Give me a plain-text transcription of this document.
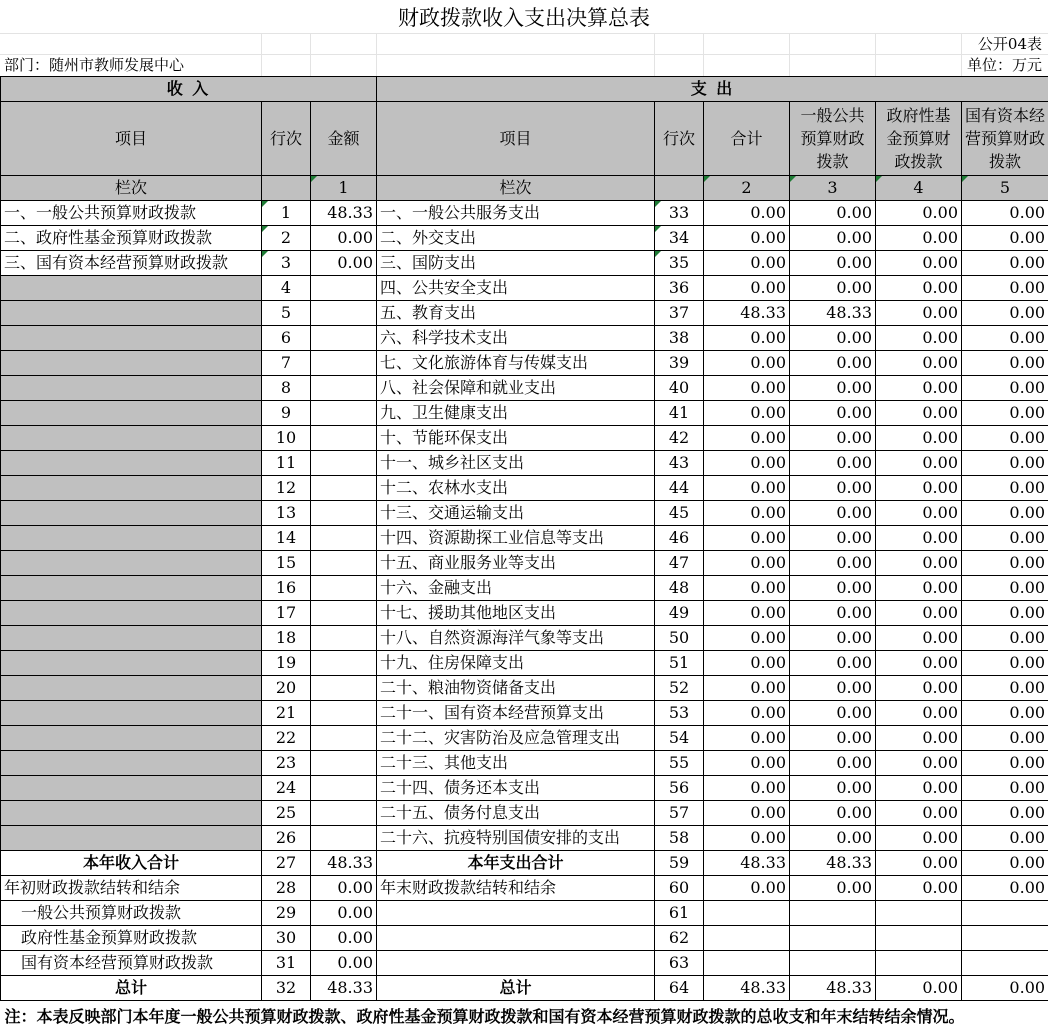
财政拨款收入支出决算总表
公开04表
部门：随州市教师发展中心	单位：万元
收 入			支 出					
项目	行次	金额	项目	行次	合计	一般公共预算财政拨款	政府性基金预算财政拨款	国有资本经营预算财政拨款
栏次		1	栏次		2	3	4	5
一、一般公共预算财政拨款	1	48.33	一、一般公共服务支出	33	0.00	0.00	0.00	0.00
二、政府性基金预算财政拨款	2	0.00	二、外交支出	34	0.00	0.00	0.00	0.00
三、国有资本经营预算财政拨款	3	0.00	三、国防支出	35	0.00	0.00	0.00	0.00
	4		四、公共安全支出	36	0.00	0.00	0.00	0.00
	5		五、教育支出	37	48.33	48.33	0.00	0.00
	6		六、科学技术支出	38	0.00	0.00	0.00	0.00
	7		七、文化旅游体育与传媒支出	39	0.00	0.00	0.00	0.00
	8		八、社会保障和就业支出	40	0.00	0.00	0.00	0.00
	9		九、卫生健康支出	41	0.00	0.00	0.00	0.00
	10		十、节能环保支出	42	0.00	0.00	0.00	0.00
	11		十一、城乡社区支出	43	0.00	0.00	0.00	0.00
	12		十二、农林水支出	44	0.00	0.00	0.00	0.00
	13		十三、交通运输支出	45	0.00	0.00	0.00	0.00
	14		十四、资源勘探工业信息等支出	46	0.00	0.00	0.00	0.00
	15		十五、商业服务业等支出	47	0.00	0.00	0.00	0.00
	16		十六、金融支出	48	0.00	0.00	0.00	0.00
	17		十七、援助其他地区支出	49	0.00	0.00	0.00	0.00
	18		十八、自然资源海洋气象等支出	50	0.00	0.00	0.00	0.00
	19		十九、住房保障支出	51	0.00	0.00	0.00	0.00
	20		二十、粮油物资储备支出	52	0.00	0.00	0.00	0.00
	21		二十一、国有资本经营预算支出	53	0.00	0.00	0.00	0.00
	22		二十二、灾害防治及应急管理支出	54	0.00	0.00	0.00	0.00
	23		二十三、其他支出	55	0.00	0.00	0.00	0.00
	24		二十四、债务还本支出	56	0.00	0.00	0.00	0.00
	25		二十五、债务付息支出	57	0.00	0.00	0.00	0.00
	26		二十六、抗疫特别国债安排的支出	58	0.00	0.00	0.00	0.00
本年收入合计	27	48.33	本年支出合计	59	48.33	48.33	0.00	0.00
年初财政拨款结转和结余	28	0.00	年末财政拨款结转和结余	60	0.00	0.00	0.00	0.00
一般公共预算财政拨款	29	0.00		61				
政府性基金预算财政拨款	30	0.00		62				
国有资本经营预算财政拨款	31	0.00		63				
总计	32	48.33	总计	64	48.33	48.33	0.00	0.00
注：本表反映部门本年度一般公共预算财政拨款、政府性基金预算财政拨款和国有资本经营预算财政拨款的总收支和年末结转结余情况。								
